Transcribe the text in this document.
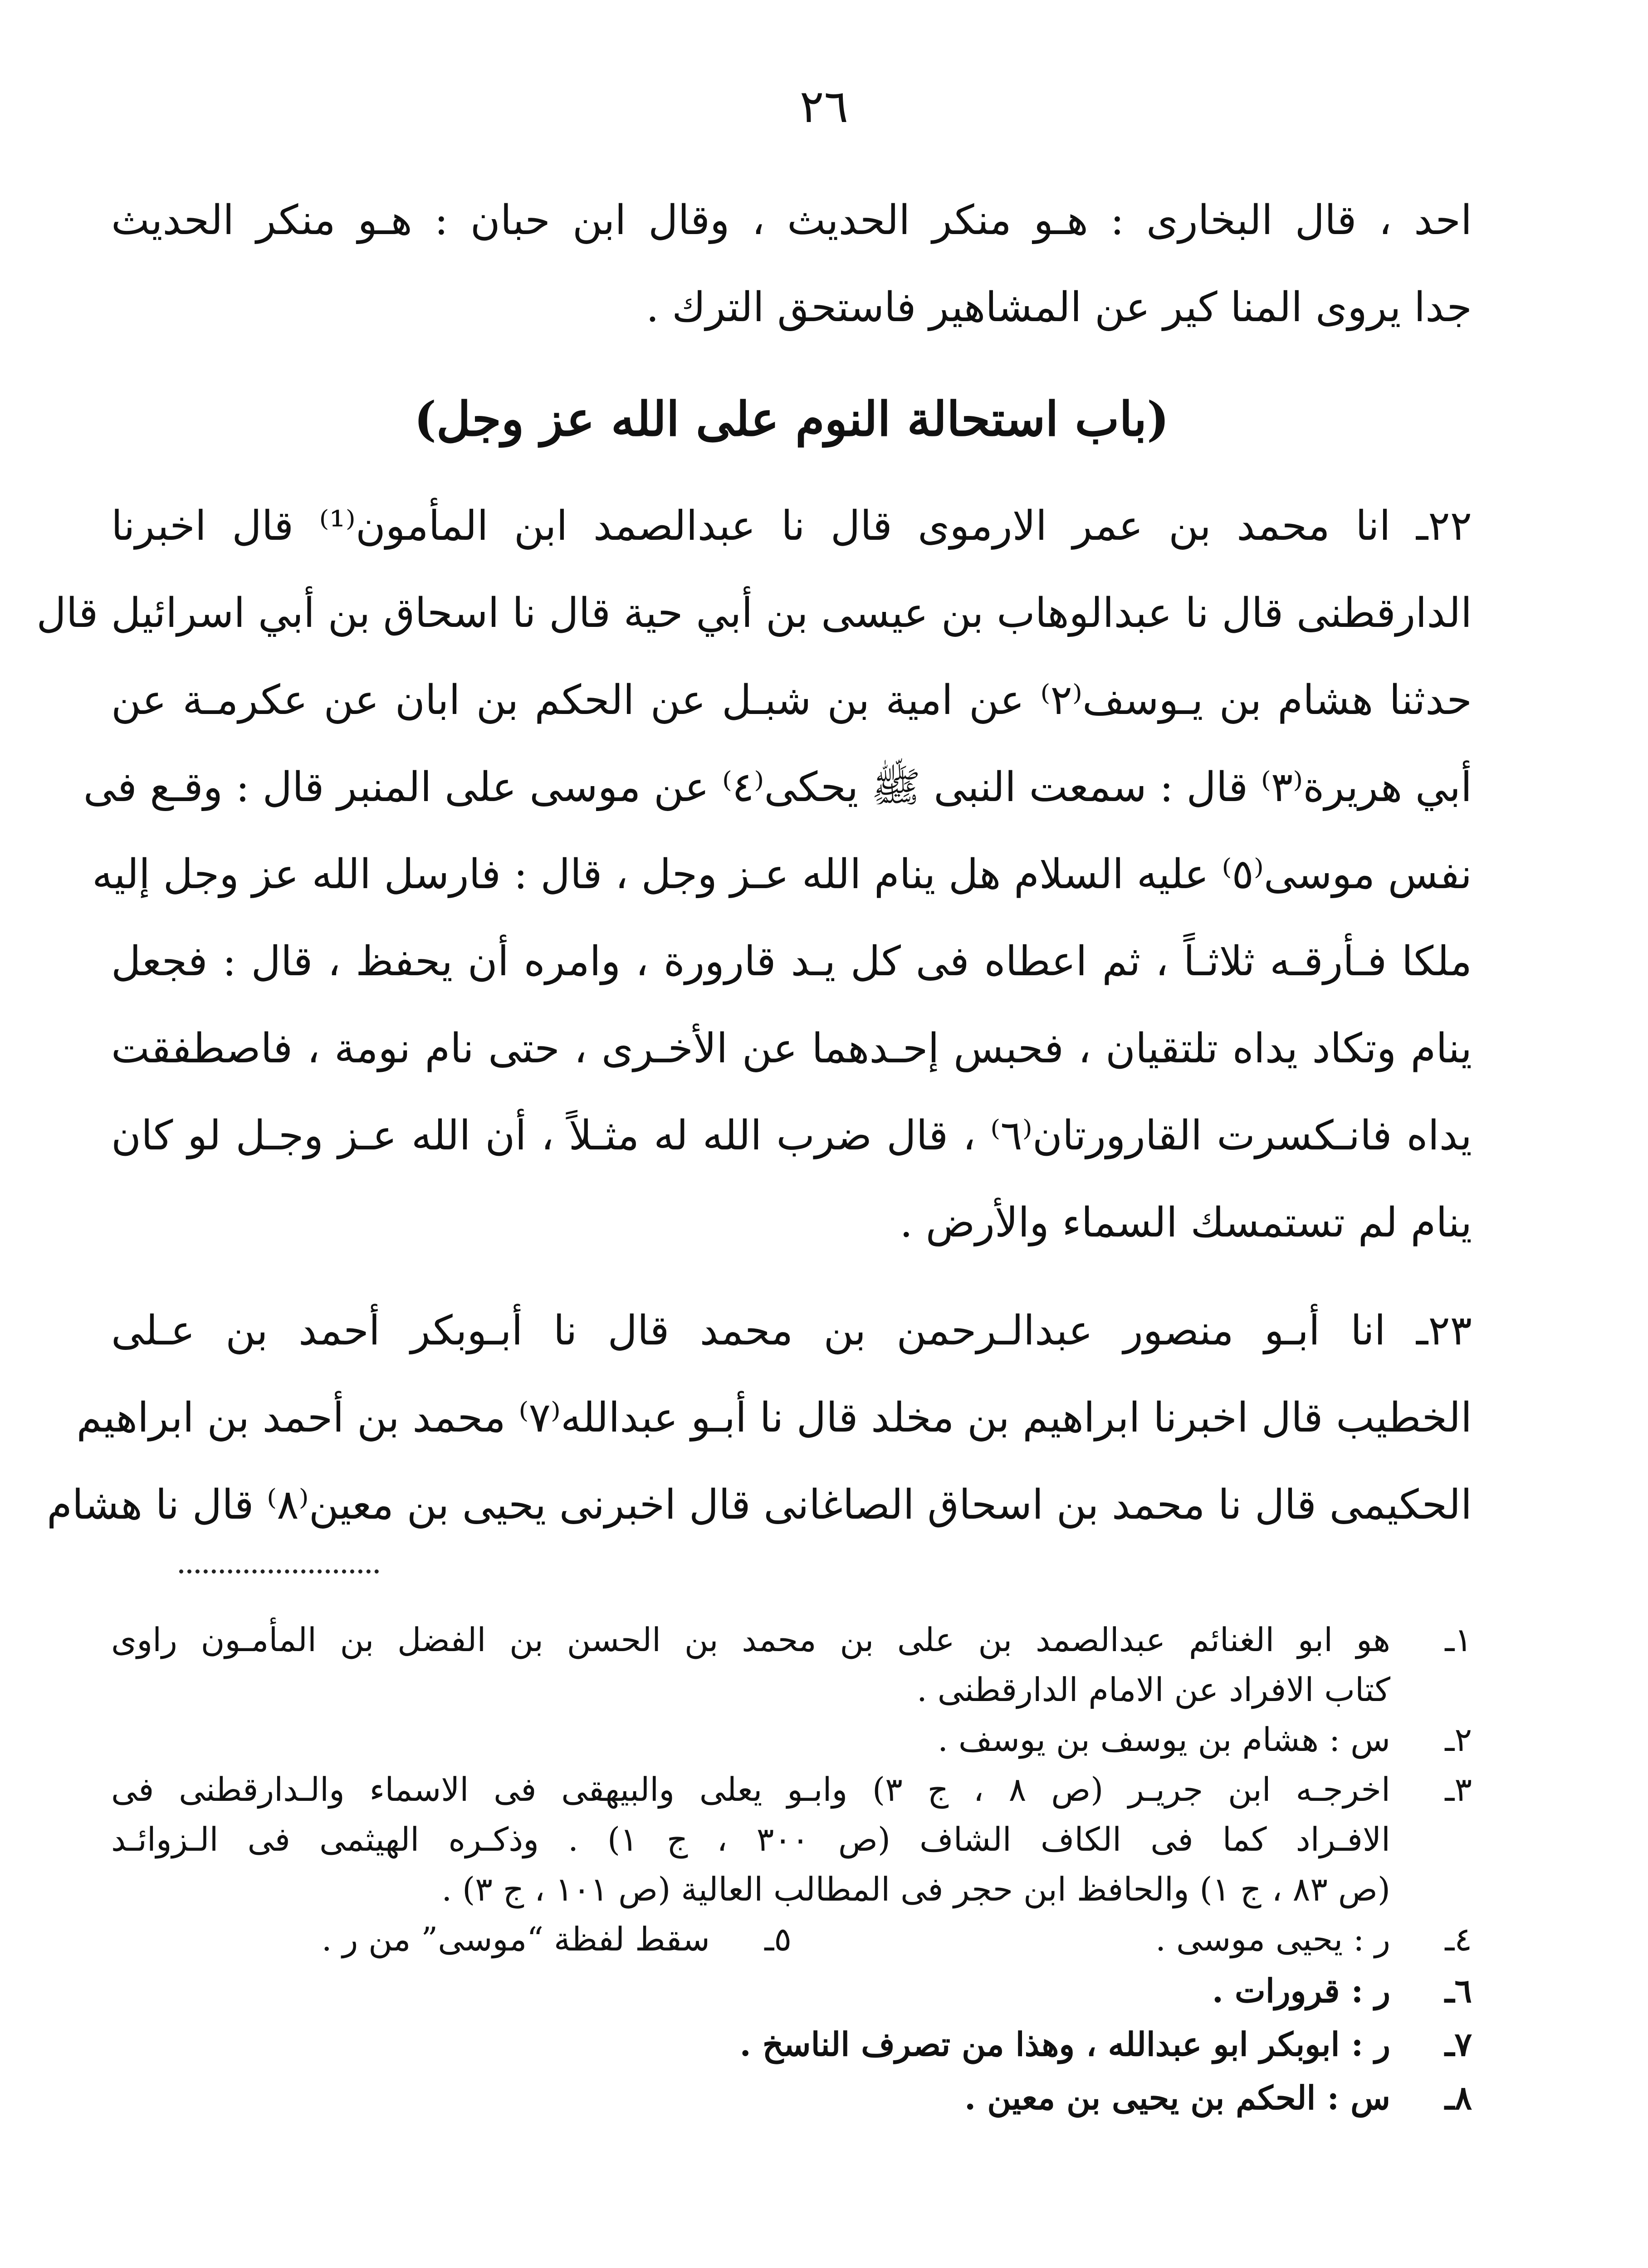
٢٦
احد ، قال البخارى : هـو منكر الحديث ، وقال ابن حبان : هـو منكر الحديث
جدا يروى المنا كير عن المشاهير فاستحق الترك .
(باب استحالة النوم على الله عز وجل)
٢٢ـ انا محمد بن عمر الارموى قال نا عبدالصمد ابن المأمون⁽¹⁾ قال اخبرنا
الدارقطنى قال نا عبدالوهاب بن عيسى بن أبي حية قال نا اسحاق بن أبي اسرائيل قال
حدثنا هشام بن يـوسف⁽٢⁾ عن امية بن شبـل عن الحكم بن ابان عن عكرمـة عن
أبي هريرة⁽٣⁾ قال : سمعت النبى ﷺ يحكى⁽٤⁾ عن موسى على المنبر قال : وقـع فى
نفس موسى⁽٥⁾ عليه السلام هل ينام الله عـز وجل ، قال : فارسل الله عز وجل إليه
ملكا فـأرقـه ثلاثـاً ، ثم اعطاه فى كل يـد قارورة ، وامره أن يحفظ ، قال : فجعل
ينام وتكاد يداه تلتقيان ، فحبس إحـدهما عن الأخـرى ، حتى نام نومة ، فاصطفقت
يداه فانـكسرت القارورتان⁽٦⁾ ، قال ضرب الله له مثـلاً ، أن الله عـز وجـل لو كان
ينام لم تستمسك السماء والأرض .
٢٣ـ انا أبـو منصور عبدالـرحمن بن محمد قال نا أبـوبكر أحمد بن عـلى
الخطيب قال اخبرنا ابراهيم بن مخلد قال نا أبـو عبدالله⁽٧⁾ محمد بن أحمد بن ابراهيم
الحكيمى قال نا محمد بن اسحاق الصاغانى قال اخبرنى يحيى بن معين⁽٨⁾ قال نا هشام
١ـ
هو ابو الغنائم عبدالصمد بن على بن محمد بن الحسن بن الفضل بن المأمـون راوى
كتاب الافراد عن الامام الدارقطنى .
٢ـ
س : هشام بن يوسف بن يوسف .
٣ـ
اخرجـه ابن جريـر (ص ٨ ، ج ٣) وابـو يعلى والبيهقى فى الاسماء والـدارقطنى فى
الافـراد كما فى الكاف الشاف (ص ٣٠٠ ، ج ١) . وذكـره الهيثمى فى الـزوائـد
(ص ٨٣ ، ج ١) والحافظ ابن حجر فى المطالب العالية (ص ١٠١ ، ج ٣) .
٤ـ
ر : يحيى موسى .
٥ـ
سقط لفظة “موسى” من ر .
٦ـ
ر : قرورات .
٧ـ
ر : ابوبكر ابو عبدالله ، وهذا من تصرف الناسخ .
٨ـ
س : الحكم بن يحيى بن معين .
